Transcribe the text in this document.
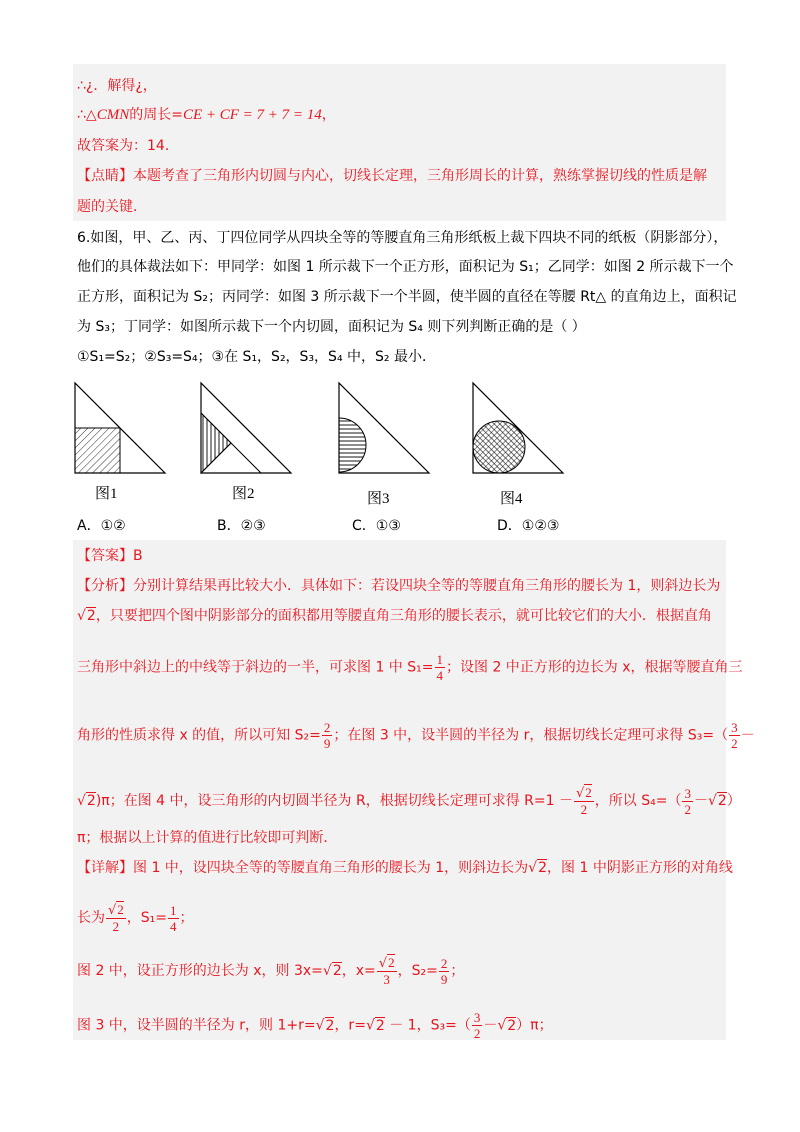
∴¿．解得¿，
∴△CMN的周长=CE + CF = 7 + 7 = 14，
故答案为：14．
【点睛】本题考查了三角形内切圆与内心，切线长定理，三角形周长的计算，熟练掌握切线的性质是解
题的关键．
6.如图，甲、乙、丙、丁四位同学从四块全等的等腰直角三角形纸板上裁下四块不同的纸板（阴影部分），
他们的具体裁法如下：甲同学：如图 1 所示裁下一个正方形，面积记为 S₁；乙同学：如图 2 所示裁下一个
正方形，面积记为 S₂；丙同学：如图 3 所示裁下一个半圆，使半圆的直径在等腰 Rt△ 的直角边上，面积记
为 S₃；丁同学：如图所示裁下一个内切圆，面积记为 S₄ 则下列判断正确的是（ ）
①S₁=S₂；②S₃=S₄；③在 S₁，S₂，S₃，S₄ 中，S₂ 最小．
图1	图2	图3	图4
A．①②	B．②③	C．①③	D．①②③
【答案】B
【分析】分别计算结果再比较大小．具体如下：若设四块全等的等腰直角三角形的腰长为 1，则斜边长为
√2，只要把四个图中阴影部分的面积都用等腰直角三角形的腰长表示，就可比较它们的大小．根据直角
三角形中斜边上的中线等于斜边的一半，可求图 1 中 $S_1= \frac{1}{4}$ ；设图 2 中正方形的边长为 x，根据等腰直角三
角形的性质求得 x 的值，所以可知 $S_2= \frac{2}{9}$ ；在图 3 中，设半圆的半径为 r，根据切线长定理可求得 $S_3=( \frac{3}{2}$ －
√2)π；在图 4 中，设三角形的内切圆半径为 R，根据切线长定理可求得 $R=1 - \frac{√2}{2}$ ，所以 $S_4=( \frac{3}{2} -√2)$
π；根据以上计算的值进行比较即可判断．
【详解】图 1 中，设四块全等的等腰直角三角形的腰长为 1，则斜边长为√2，图 1 中阴影正方形的对角线
长为 $\frac{√2}{2}$ ，$S_1= \frac{1}{4}$ ；
图 2 中，设正方形的边长为 x，则 3x=√2，$x= \frac{√2}{3}$ ，$S_2= \frac{2}{9}$ ；
图 3 中，设半圆的半径为 r，则 1+r=√2，r=√2 － 1，$S_3=( \frac{3}{2} -√2)\pi$；
